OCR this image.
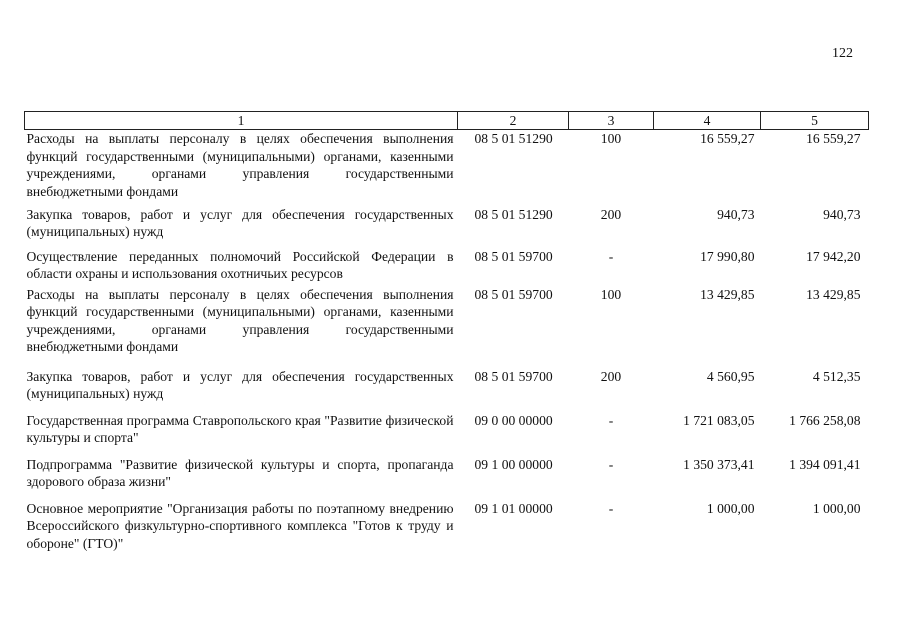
122
1	2	3	4	5
Расходы на выплаты персоналу в целях обеспечения выполнения функций государственными (муниципальными) органами, казенными учреждениями, органами управления государственными внебюджетными фондами	08 5 01 51290	100	16 559,27	16 559,27
Закупка товаров, работ и услуг для обеспечения государственных (муниципальных) нужд	08 5 01 51290	200	940,73	940,73
Осуществление переданных полномочий Российской Федерации в области охраны и использования охотничьих ресурсов	08 5 01 59700	-	17 990,80	17 942,20
Расходы на выплаты персоналу в целях обеспечения выполнения функций государственными (муниципальными) органами, казенными учреждениями, органами управления государственными внебюджетными фондами	08 5 01 59700	100	13 429,85	13 429,85
Закупка товаров, работ и услуг для обеспечения государственных (муниципальных) нужд	08 5 01 59700	200	4 560,95	4 512,35
Государственная программа Ставропольского края "Развитие физической культуры и спорта"	09 0 00 00000	-	1 721 083,05	1 766 258,08
Подпрограмма "Развитие физической культуры и спорта, пропаганда здорового образа жизни"	09 1 00 00000	-	1 350 373,41	1 394 091,41
Основное мероприятие "Организация работы по поэтапному внедрению Всероссийского физкультурно-спортивного комплекса "Готов к труду и обороне" (ГТО)"	09 1 01 00000	-	1 000,00	1 000,00
